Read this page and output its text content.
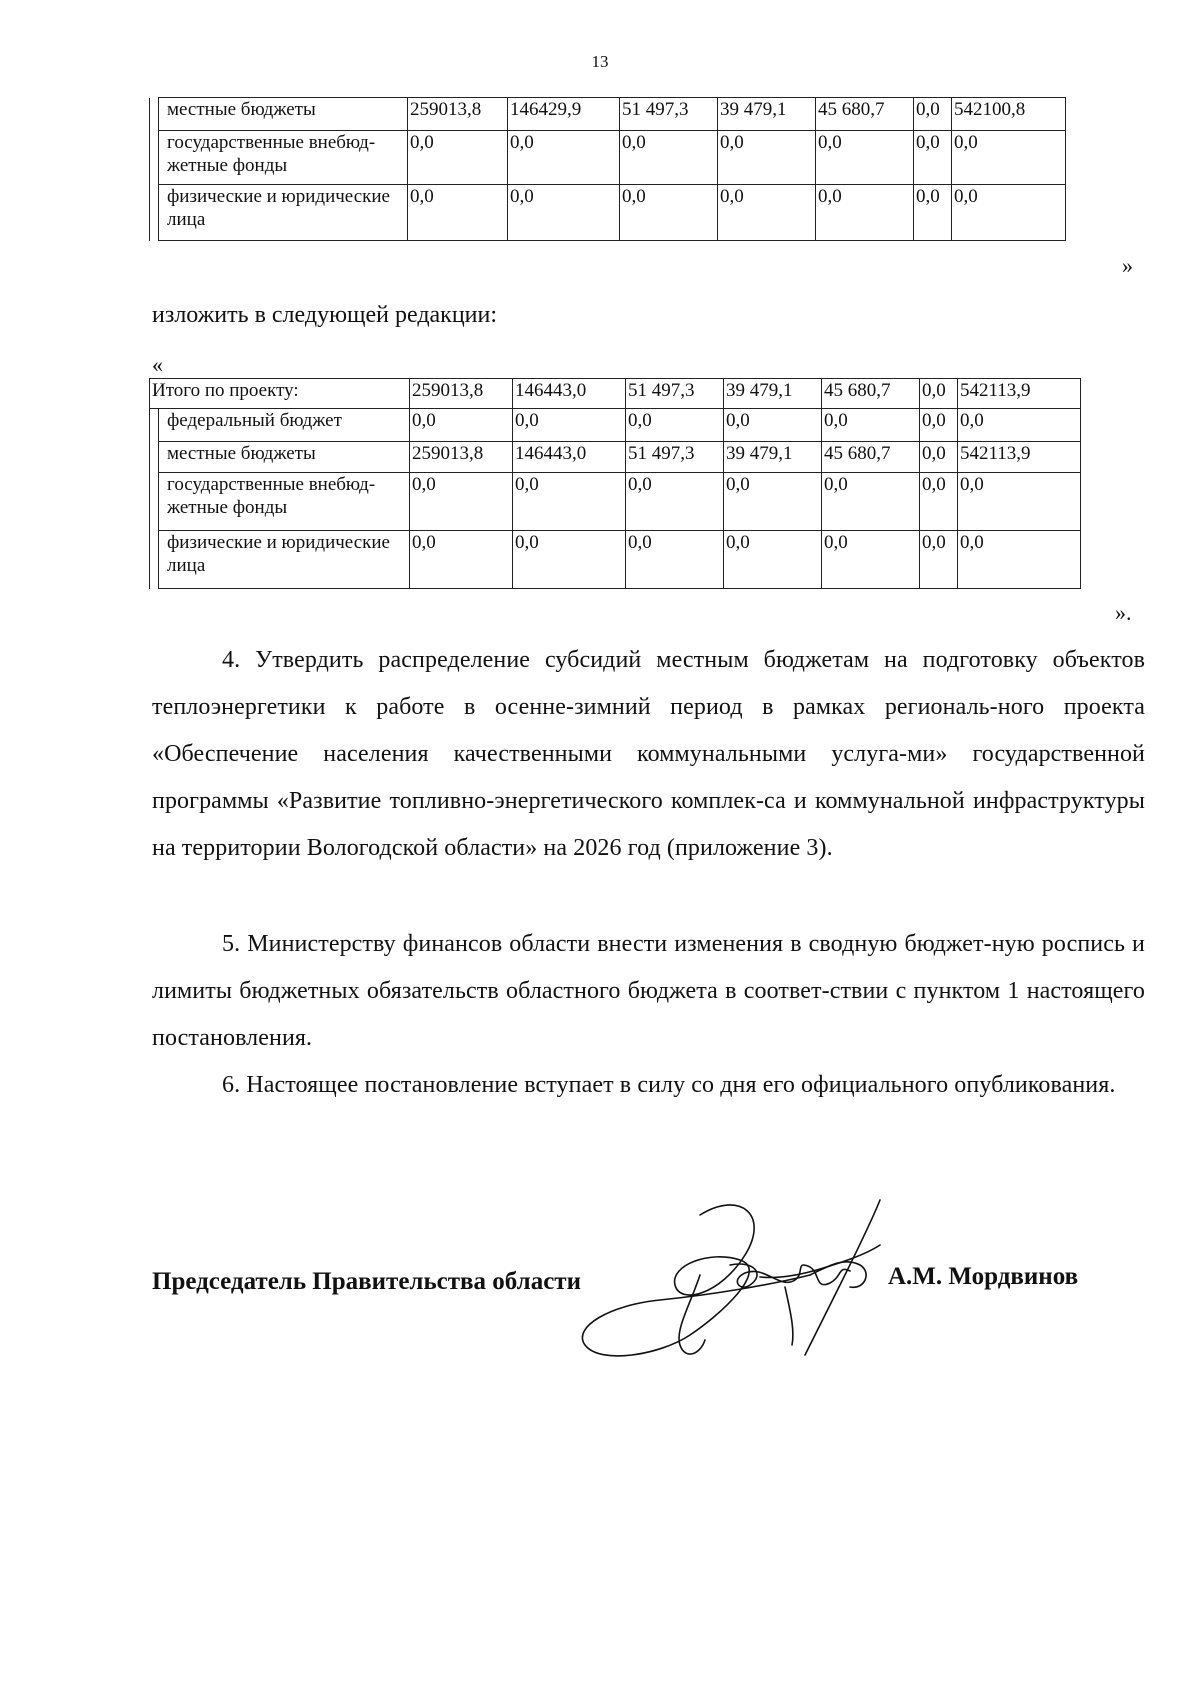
13
	местные бюджеты	259013,8	146429,9	51 497,3	39 479,1	45 680,7	0,0	542100,8
	государственные внебюд-жетные фонды	0,0	0,0	0,0	0,0	0,0	0,0	0,0
	физические и юридические лица	0,0	0,0	0,0	0,0	0,0	0,0	0,0
»
изложить в следующей редакции:
«
Итого по проекту:		259013,8	146443,0	51 497,3	39 479,1	45 680,7	0,0	542113,9
	федеральный бюджет	0,0	0,0	0,0	0,0	0,0	0,0	0,0
	местные бюджеты	259013,8	146443,0	51 497,3	39 479,1	45 680,7	0,0	542113,9
	государственные внебюд-жетные фонды	0,0	0,0	0,0	0,0	0,0	0,0	0,0
	физические и юридические лица	0,0	0,0	0,0	0,0	0,0	0,0	0,0
».
4. Утвердить распределение субсидий местным бюджетам на подготовку объектов теплоэнергетики к работе в осенне-зимний период в рамках региональ-ного проекта «Обеспечение населения качественными коммунальными услуга-ми» государственной программы «Развитие топливно-энергетического комплек-са и коммунальной инфраструктуры на территории Вологодской области» на 2026 год (приложение 3).
5. Министерству финансов области внести изменения в сводную бюджет-ную роспись и лимиты бюджетных обязательств областного бюджета в соответ-ствии с пунктом 1 настоящего постановления.
6. Настоящее постановление вступает в силу со дня его официального опубликования.
Председатель Правительства области	А.М. Мордвинов
